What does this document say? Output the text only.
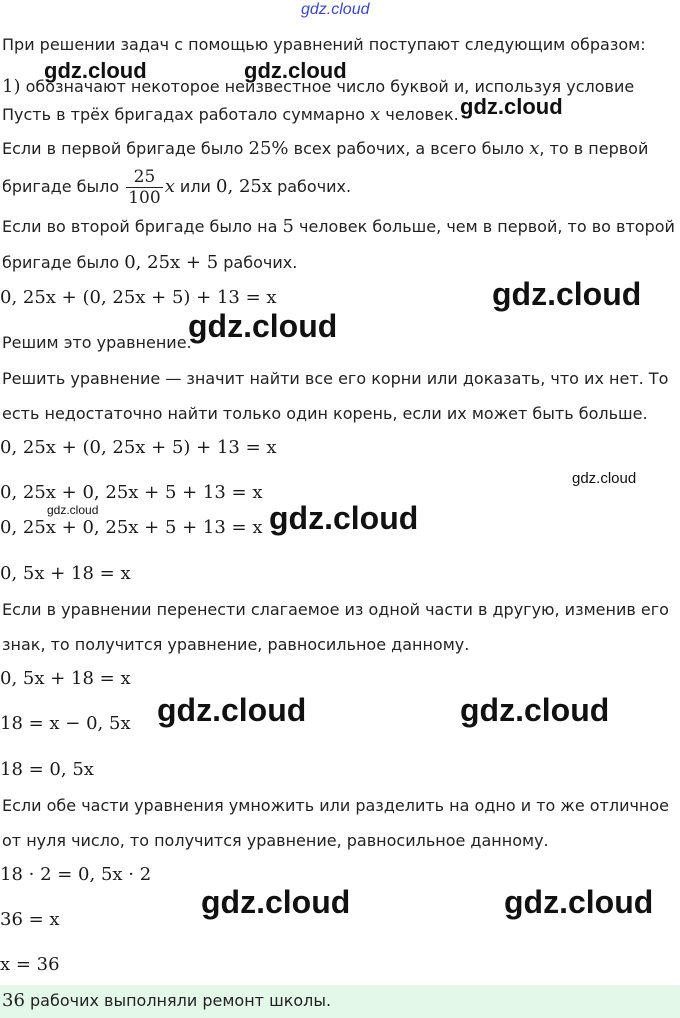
gdz.cloud
При решении задач с помощью уравнений поступают следующим образом:
1) обозначают некоторое неизвестное число буквой и, используя условие
Пусть в трёх бригадах работало суммарно x человек.
Если в первой бригаде было 25% всех рабочих, а всего было x, то в первой
бригаде было $\frac{25}{100}$ x или 0, 25x рабочих.
Если во второй бригаде было на 5 человек больше, чем в первой, то во второй
бригаде было 0, 25x + 5 рабочих.
0, 25x + (0, 25x + 5) + 13 = x
Решим это уравнение.
Решить уравнение — значит найти все его корни или доказать, что их нет. То
есть недостаточно найти только один корень, если их может быть больше.
0, 25x + (0, 25x + 5) + 13 = x
0, 25x + 0, 25x + 5 + 13 = x
0, 25x + 0, 25x + 5 + 13 = x
0, 5x + 18 = x
Если в уравнении перенести слагаемое из одной части в другую, изменив его
знак, то получится уравнение, равносильное данному.
0, 5x + 18 = x
18 = x − 0, 5x
18 = 0, 5x
Если обе части уравнения умножить или разделить на одно и то же отличное
от нуля число, то получится уравнение, равносильное данному.
18 · 2 = 0, 5x · 2
36 = x
x = 36
36 рабочих выполняли ремонт школы.
gdz.cloud	gdz.cloud
gdz.cloud
gdz.cloud
gdz.cloud
gdz.cloud
gdz.cloud	gdz.cloud
gdz.cloud	gdz.cloud
gdz.cloud	gdz.cloud
